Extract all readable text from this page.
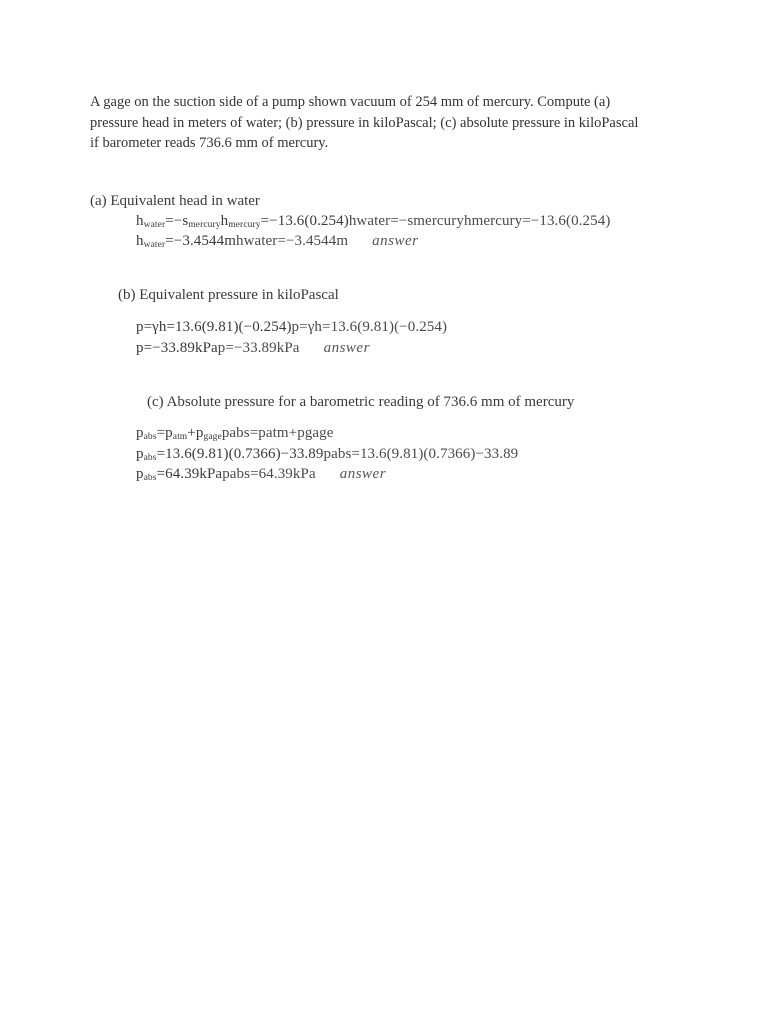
A gage on the suction side of a pump shown vacuum of 254 mm of mercury. Compute (a)
pressure head in meters of water; (b) pressure in kiloPascal; (c) absolute pressure in kiloPascal
if barometer reads 736.6 mm of mercury.
(a) Equivalent head in water
$h_{water}=-s_{mercury}h_{mercury}=-13.6(0.254)hwater=-smercuryhmercury=-13.6(0.254)$
$h_{water}=-3.4544mhwater=-3.4544m$ answer
(b) Equivalent pressure in kiloPascal
p=γh=13.6(9.81)(−0.254)p=γh=13.6(9.81)(−0.254)
p=−33.89kPap=−33.89kPa answer
(c) Absolute pressure for a barometric reading of 736.6 mm of mercury
$p_{abs}=p_{atm}+p_{gage}pabs=patm+pgage$
$p_{abs}=13.6(9.81)(0.7366)-33.89pabs=13.6(9.81)(0.7366)-33.89$
$p_{abs}=64.39kPapabs=64.39kPa$ answer
